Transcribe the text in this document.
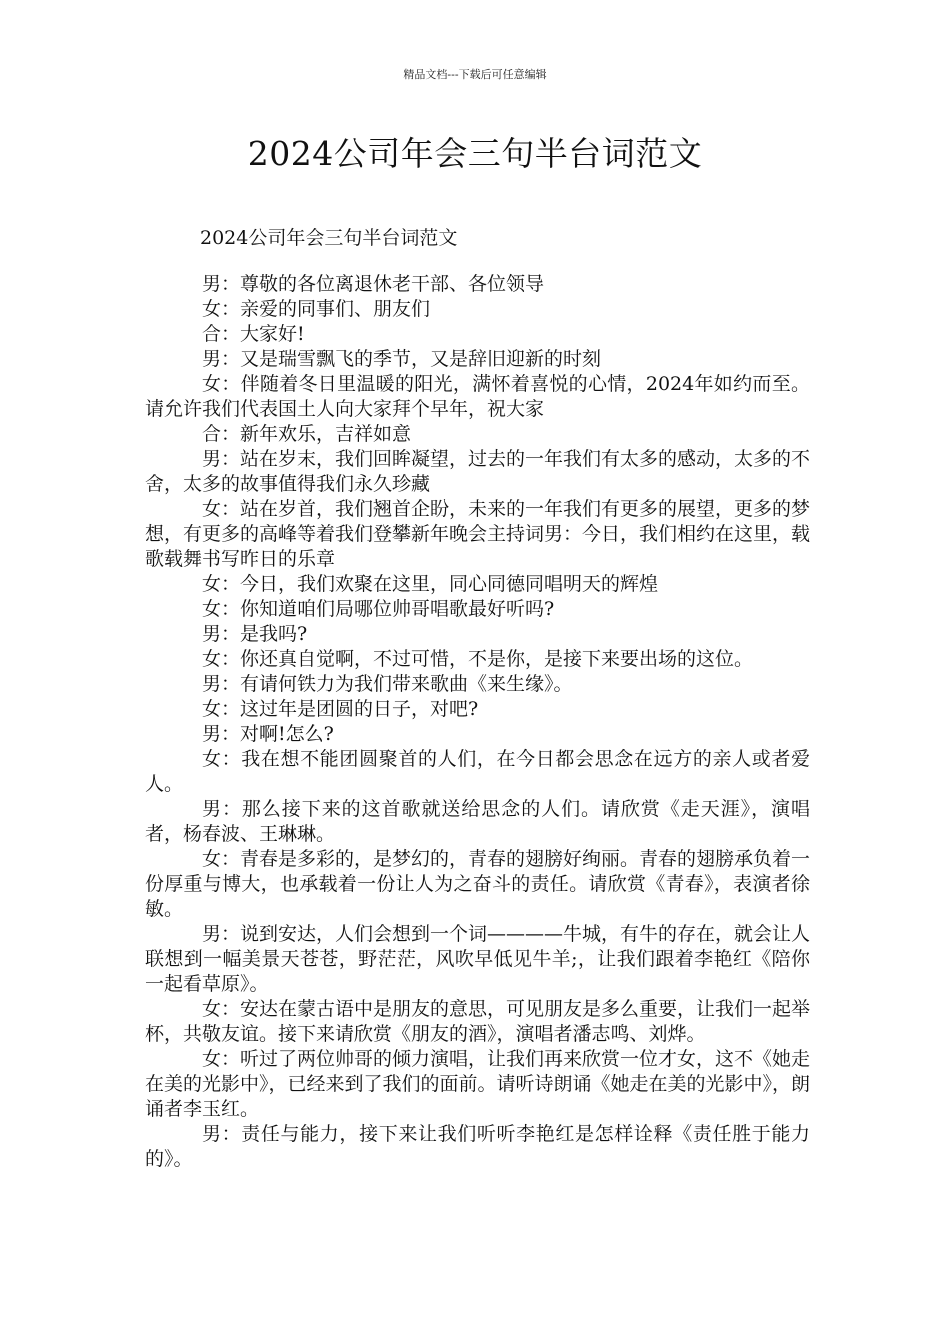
精品文档---下载后可任意编辑
2024公司年会三句半台词范文
2024公司年会三句半台词范文

男：尊敬的各位离退休老干部、各位领导

女：亲爱的同事们、朋友们

合：大家好!

男：又是瑞雪飘飞的季节，又是辞旧迎新的时刻

女：伴随着冬日里温暖的阳光，满怀着喜悦的心情，2024年如约而至。请允许我们代表国土人向大家拜个早年，祝大家

合：新年欢乐，吉祥如意

男：站在岁末，我们回眸凝望，过去的一年我们有太多的感动，太多的不舍，太多的故事值得我们永久珍藏

女：站在岁首，我们翘首企盼，未来的一年我们有更多的展望，更多的梦想，有更多的高峰等着我们登攀新年晚会主持词男：今日，我们相约在这里，载歌载舞书写昨日的乐章

女：今日，我们欢聚在这里，同心同德同唱明天的辉煌

女：你知道咱们局哪位帅哥唱歌最好听吗?

男：是我吗?

女：你还真自觉啊，不过可惜，不是你，是接下来要出场的这位。

男：有请何铁力为我们带来歌曲《来生缘》。

女：这过年是团圆的日子，对吧?

男：对啊!怎么?

女：我在想不能团圆聚首的人们，在今日都会思念在远方的亲人或者爱人。

男：那么接下来的这首歌就送给思念的人们。请欣赏《走天涯》，演唱者，杨春波、王琳琳。

女：青春是多彩的，是梦幻的，青春的翅膀好绚丽。青春的翅膀承负着一份厚重与博大，也承载着一份让人为之奋斗的责任。请欣赏《青春》，表演者徐敏。

男：说到安达，人们会想到一个词————牛城，有牛的存在，就会让人联想到一幅美景天苍苍，野茫茫，风吹早低见牛羊;，让我们跟着李艳红《陪你一起看草原》。

女：安达在蒙古语中是朋友的意思，可见朋友是多么重要，让我们一起举杯，共敬友谊。接下来请欣赏《朋友的酒》，演唱者潘志鸣、刘烨。

女：听过了两位帅哥的倾力演唱，让我们再来欣赏一位才女，这不《她走在美的光影中》，已经来到了我们的面前。请听诗朗诵《她走在美的光影中》，朗诵者李玉红。

男：责任与能力，接下来让我们听听李艳红是怎样诠释《责任胜于能力的》。
